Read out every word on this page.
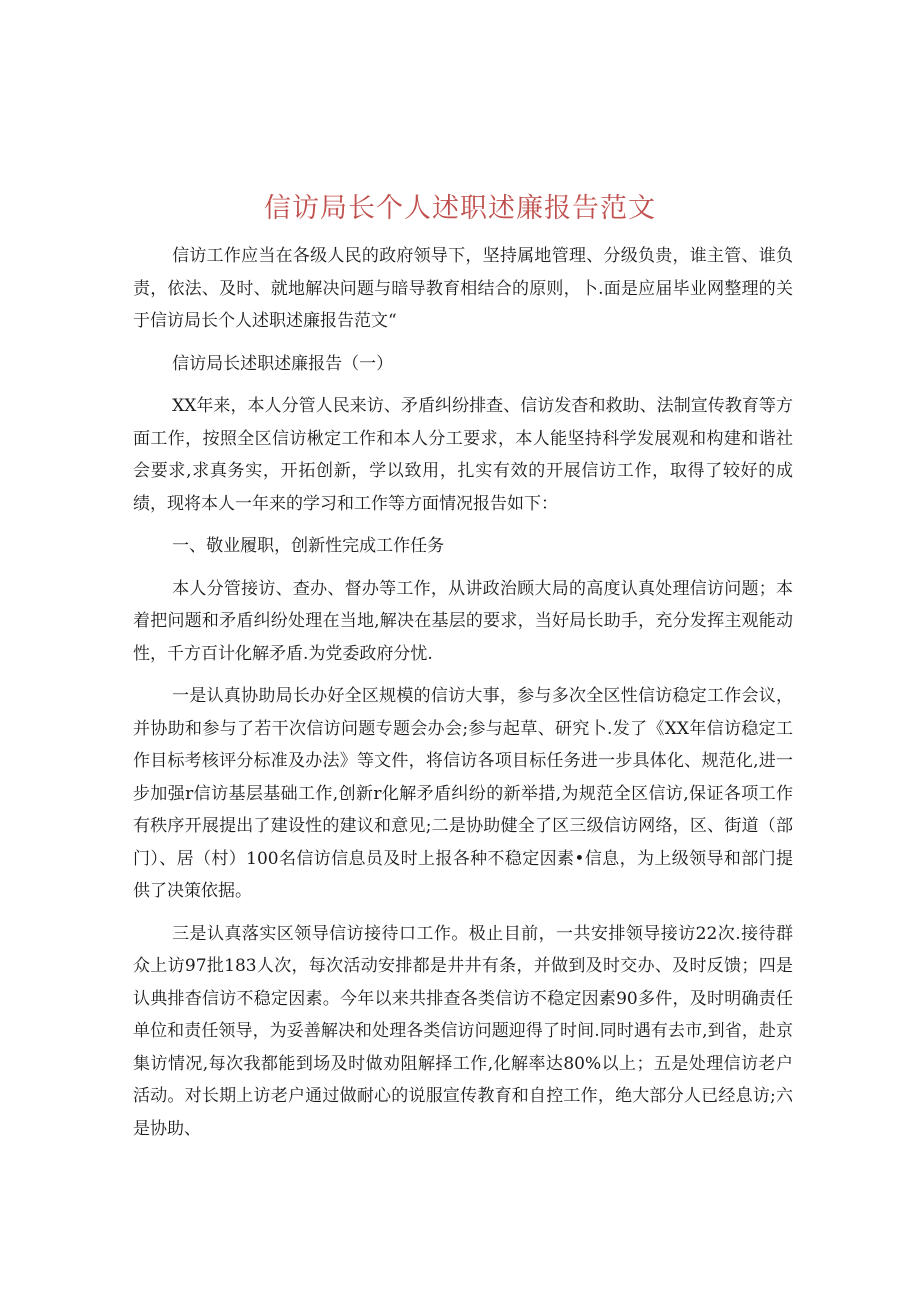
信访局长个人述职述廉报告范文

信访工作应当在各级人民的政府领导下，坚持属地管理、分级负贵，谁主管、谁负责，依法、及时、就地解决问题与暗导教育相结合的原则，卜.面是应届毕业网整理的关于信访局长个人述职述廉报告范文“

信访局长述职述廉报告（一）

XX年来，本人分管人民来访、矛盾纠纷排查、信访发杳和救助、法制宣传教育等方面工作，按照全区信访楸定工作和本人分工要求，本人能坚持科学发展观和构建和谐社会要求,求真务实，开拓创新，学以致用，扎实有效的开展信访工作，取得了较好的成绩，现将本人一年来的学习和工作等方面情况报告如下：

一、敬业履职，创新性完成工作任务

本人分管接访、查办、督办等工作，从讲政治顾大局的高度认真处理信访问题；本着把问题和矛盾纠纷处理在当地,解决在基层的要求，当好局长助手，充分发挥主观能动性，千方百计化解矛盾.为党委政府分忧.

一是认真协助局长办好全区规模的信访大事，参与多次全区性信访稳定工作会议，并协助和参与了若干次信访问题专题会办会;参与起草、研究卜.发了《XX年信访稳定工作目标考核评分标准及办法》等文件，将信访各项目标任务进一步具体化、规范化,进一步加强r信访基层基础工作,创新r化解矛盾纠纷的新举措,为规范全区信访,保证各项工作有秩序开展提出了建设性的建议和意见;二是协助健全了区三级信访网络，区、街道（部门）、居（村）100名信访信息员及时上报各种不稳定因素•信息，为上级领导和部门提供了决策依据。

三是认真落实区领导信访接待口工作。极止目前，一共安排领导接访22次.接待群众上访97批183人次，每次活动安排都是井井有条，并做到及时交办、及时反馈；四是认典排杳信访不稳定因素。今年以来共排查各类信访不稳定因素90多件，及时明确责任单位和责任领导，为妥善解决和处理各类信访问题迎得了时间.同时遇有去市,到省，赴京集访情况,每次我都能到场及时做劝阻解择工作,化解率达80%以上；五是处理信访老户活动。对长期上访老户通过做耐心的说服宣传教育和自控工作，绝大部分人已经息访;六是协助、
